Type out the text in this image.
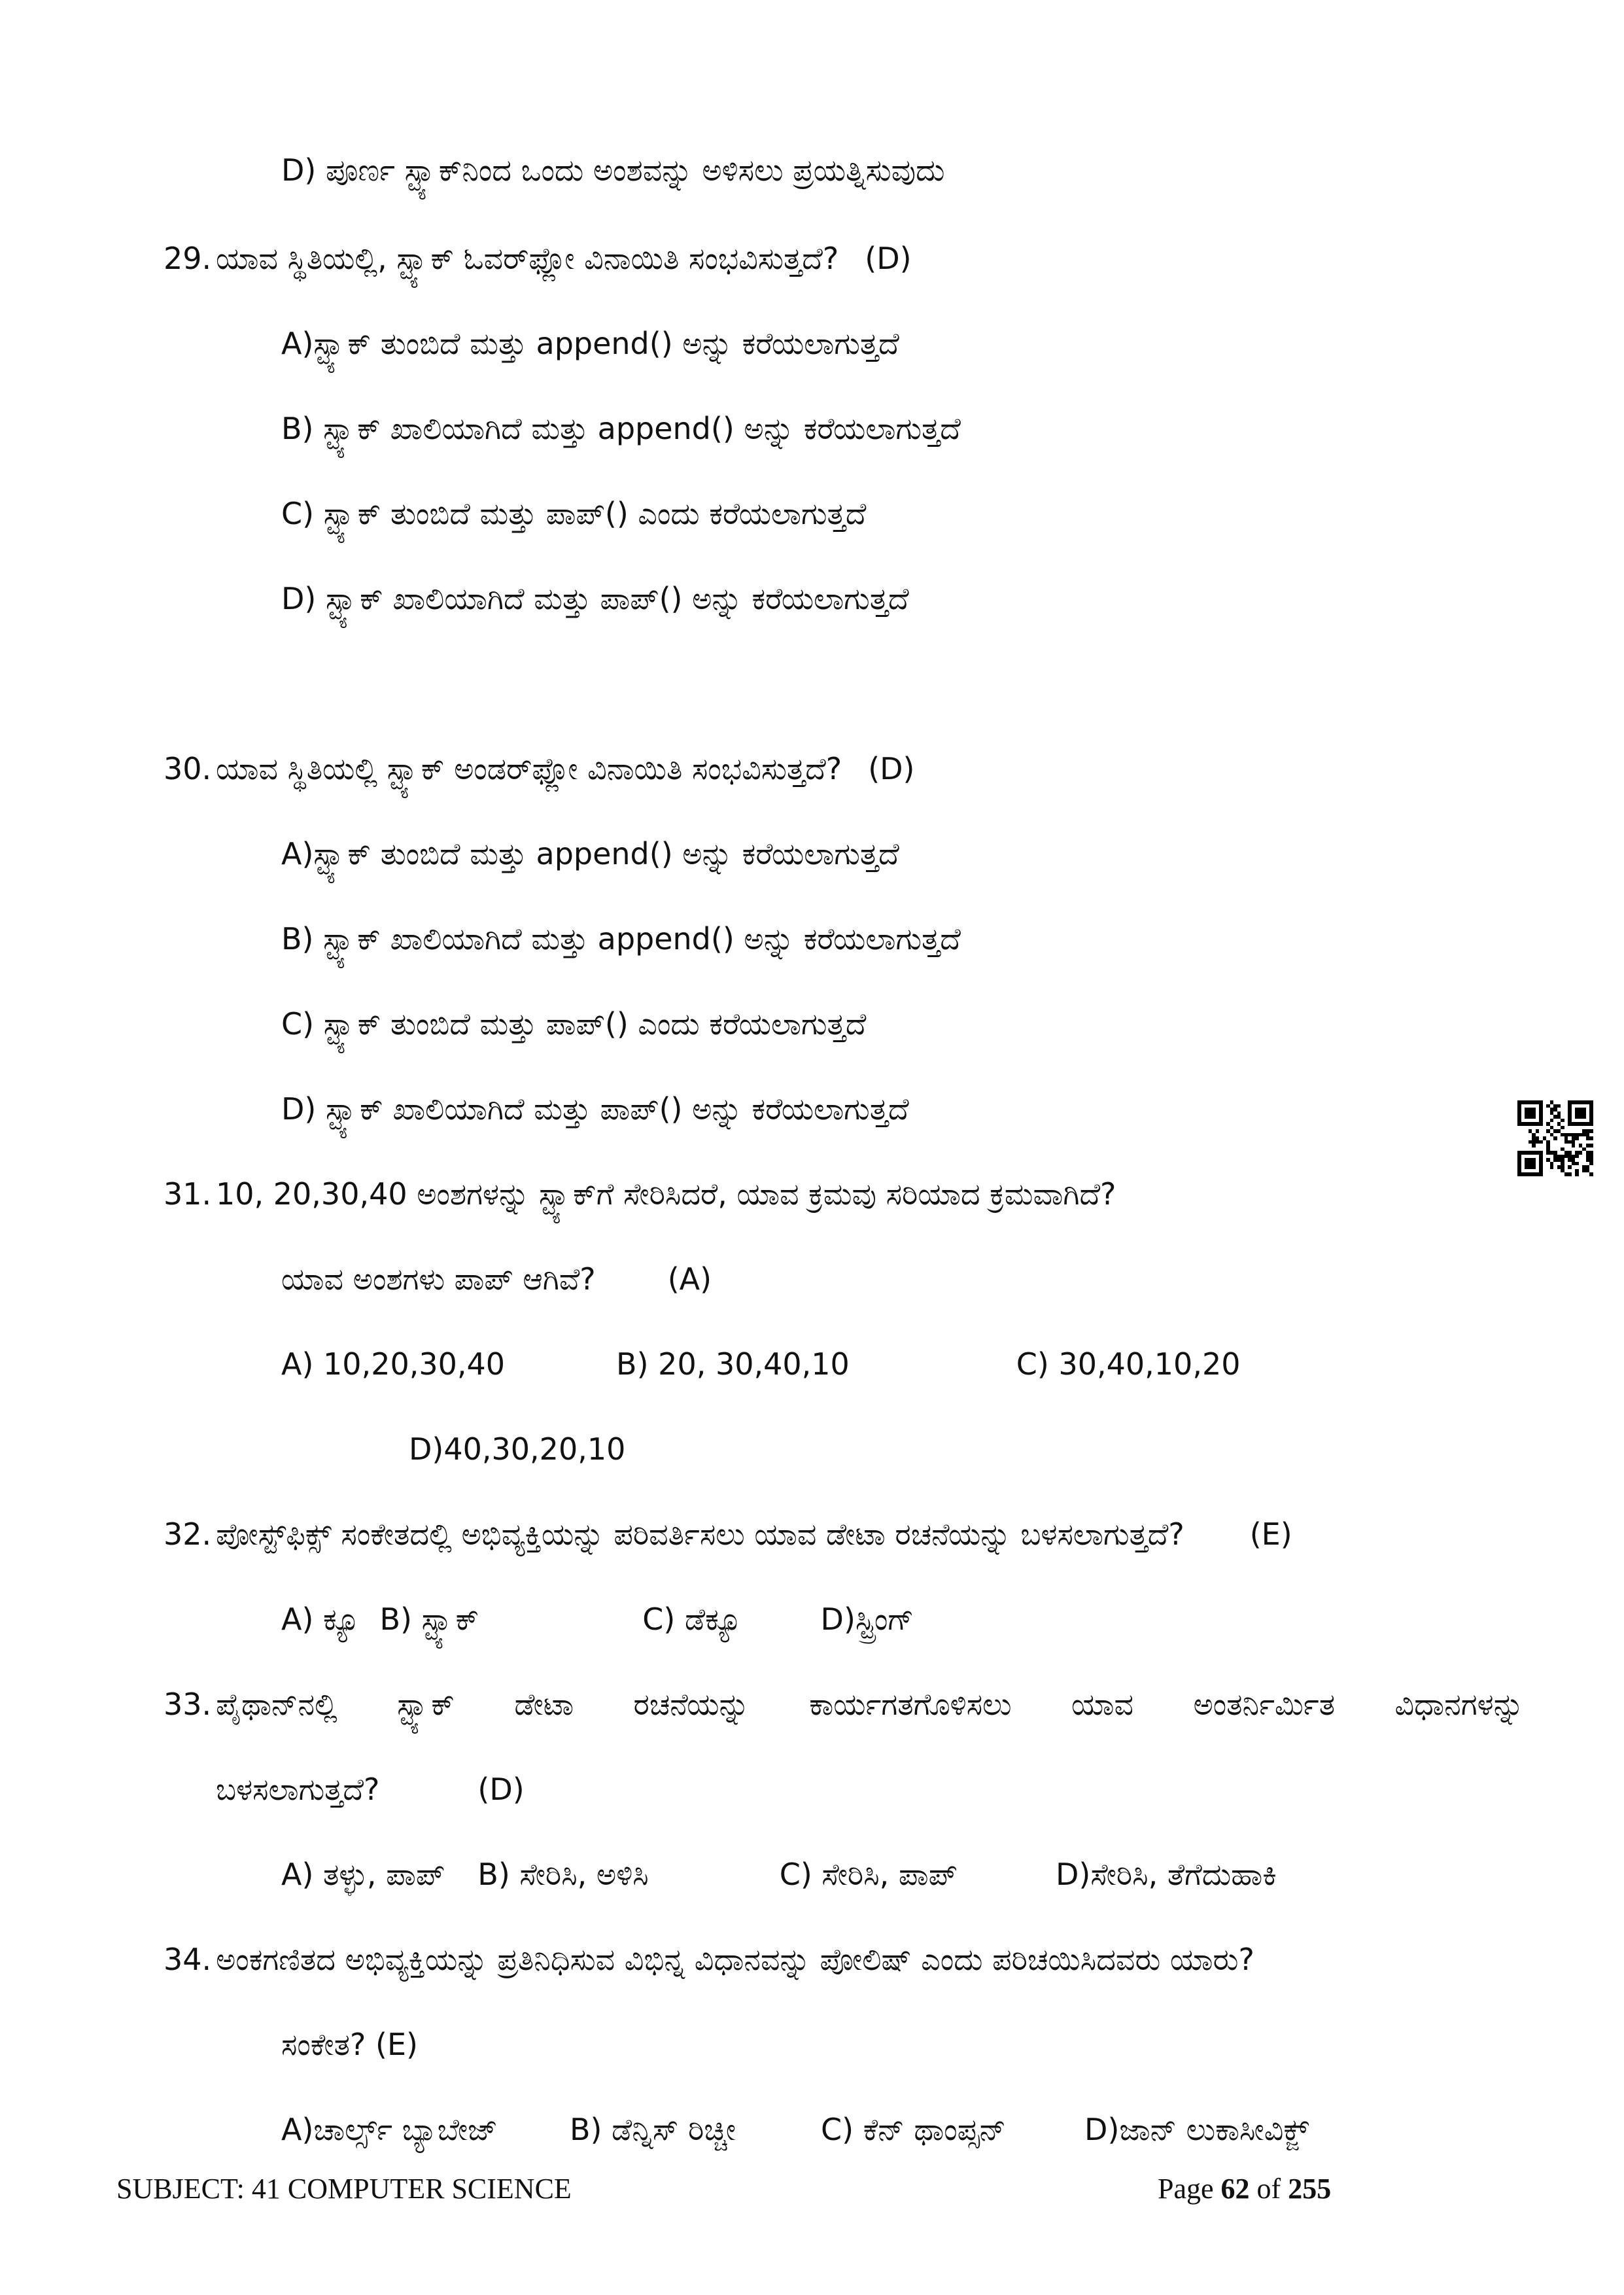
D) ಪೂರ್ಣ ಸ್ಟ್ಯಾಕ್‌ನಿಂದ ಒಂದು ಅಂಶವನ್ನು ಅಳಿಸಲು ಪ್ರಯತ್ನಿಸುವುದು
29. ಯಾವ ಸ್ಥಿತಿಯಲ್ಲಿ, ಸ್ಟ್ಯಾಕ್ ಓವರ್‌ಫ್ಲೋ ವಿನಾಯಿತಿ ಸಂಭವಿಸುತ್ತದೆ? (D)
A)ಸ್ಟ್ಯಾಕ್ ತುಂಬಿದೆ ಮತ್ತು append() ಅನ್ನು ಕರೆಯಲಾಗುತ್ತದೆ
B) ಸ್ಟ್ಯಾಕ್ ಖಾಲಿಯಾಗಿದೆ ಮತ್ತು append() ಅನ್ನು ಕರೆಯಲಾಗುತ್ತದೆ
C) ಸ್ಟ್ಯಾಕ್ ತುಂಬಿದೆ ಮತ್ತು ಪಾಪ್() ಎಂದು ಕರೆಯಲಾಗುತ್ತದೆ
D) ಸ್ಟ್ಯಾಕ್ ಖಾಲಿಯಾಗಿದೆ ಮತ್ತು ಪಾಪ್() ಅನ್ನು ಕರೆಯಲಾಗುತ್ತದೆ
30. ಯಾವ ಸ್ಥಿತಿಯಲ್ಲಿ ಸ್ಟ್ಯಾಕ್ ಅಂಡರ್‌ಫ್ಲೋ ವಿನಾಯಿತಿ ಸಂಭವಿಸುತ್ತದೆ? (D)
A)ಸ್ಟ್ಯಾಕ್ ತುಂಬಿದೆ ಮತ್ತು append() ಅನ್ನು ಕರೆಯಲಾಗುತ್ತದೆ
B) ಸ್ಟ್ಯಾಕ್ ಖಾಲಿಯಾಗಿದೆ ಮತ್ತು append() ಅನ್ನು ಕರೆಯಲಾಗುತ್ತದೆ
C) ಸ್ಟ್ಯಾಕ್ ತುಂಬಿದೆ ಮತ್ತು ಪಾಪ್() ಎಂದು ಕರೆಯಲಾಗುತ್ತದೆ
D) ಸ್ಟ್ಯಾಕ್ ಖಾಲಿಯಾಗಿದೆ ಮತ್ತು ಪಾಪ್() ಅನ್ನು ಕರೆಯಲಾಗುತ್ತದೆ
31. 10, 20,30,40 ಅಂಶಗಳನ್ನು ಸ್ಟ್ಯಾಕ್‌ಗೆ ಸೇರಿಸಿದರೆ, ಯಾವ ಕ್ರಮವು ಸರಿಯಾದ ಕ್ರಮವಾಗಿದೆ?
ಯಾವ ಅಂಶಗಳು ಪಾಪ್ ಆಗಿವೆ? (A)
A) 10,20,30,40	B) 20, 30,40,10	C) 30,40,10,20
D)40,30,20,10
32. ಪೋಸ್ಟ್‌ಫಿಕ್ಸ್ ಸಂಕೇತದಲ್ಲಿ ಅಭಿವ್ಯಕ್ತಿಯನ್ನು ಪರಿವರ್ತಿಸಲು ಯಾವ ಡೇಟಾ ರಚನೆಯನ್ನು ಬಳಸಲಾಗುತ್ತದೆ? (E)
A) ಕ್ಯೂ B) ಸ್ಟ್ಯಾಕ್	C) ಡೆಕ್ಯೂ	D)ಸ್ಟ್ರಿಂಗ್
33. ಪೈಥಾನ್‌ನಲ್ಲಿ ಸ್ಟ್ಯಾಕ್ ಡೇಟಾ ರಚನೆಯನ್ನು ಕಾರ್ಯಗತಗೊಳಿಸಲು ಯಾವ ಅಂತರ್ನಿರ್ಮಿತ ವಿಧಾನಗಳನ್ನು
ಬಳಸಲಾಗುತ್ತದೆ?	(D)
A) ತಳ್ಳು, ಪಾಪ್ B) ಸೇರಿಸಿ, ಅಳಿಸಿ	C) ಸೇರಿಸಿ, ಪಾಪ್	D)ಸೇರಿಸಿ, ತೆಗೆದುಹಾಕಿ
34. ಅಂಕಗಣಿತದ ಅಭಿವ್ಯಕ್ತಿಯನ್ನು ಪ್ರತಿನಿಧಿಸುವ ವಿಭಿನ್ನ ವಿಧಾನವನ್ನು ಪೋಲಿಷ್ ಎಂದು ಪರಿಚಯಿಸಿದವರು ಯಾರು?
ಸಂಕೇತ? (E)
A)ಚಾರ್ಲ್ಸ್ ಬ್ಯಾಬೇಜ್ B) ಡೆನ್ನಿಸ್ ರಿಚ್ಚೀ	C) ಕೆನ್ ಥಾಂಪ್ಸನ್	D)ಜಾನ್ ಲುಕಾಸೀವಿಕ್ಜ್
SUBJECT: 41 COMPUTER SCIENCE	Page 62 of 255
